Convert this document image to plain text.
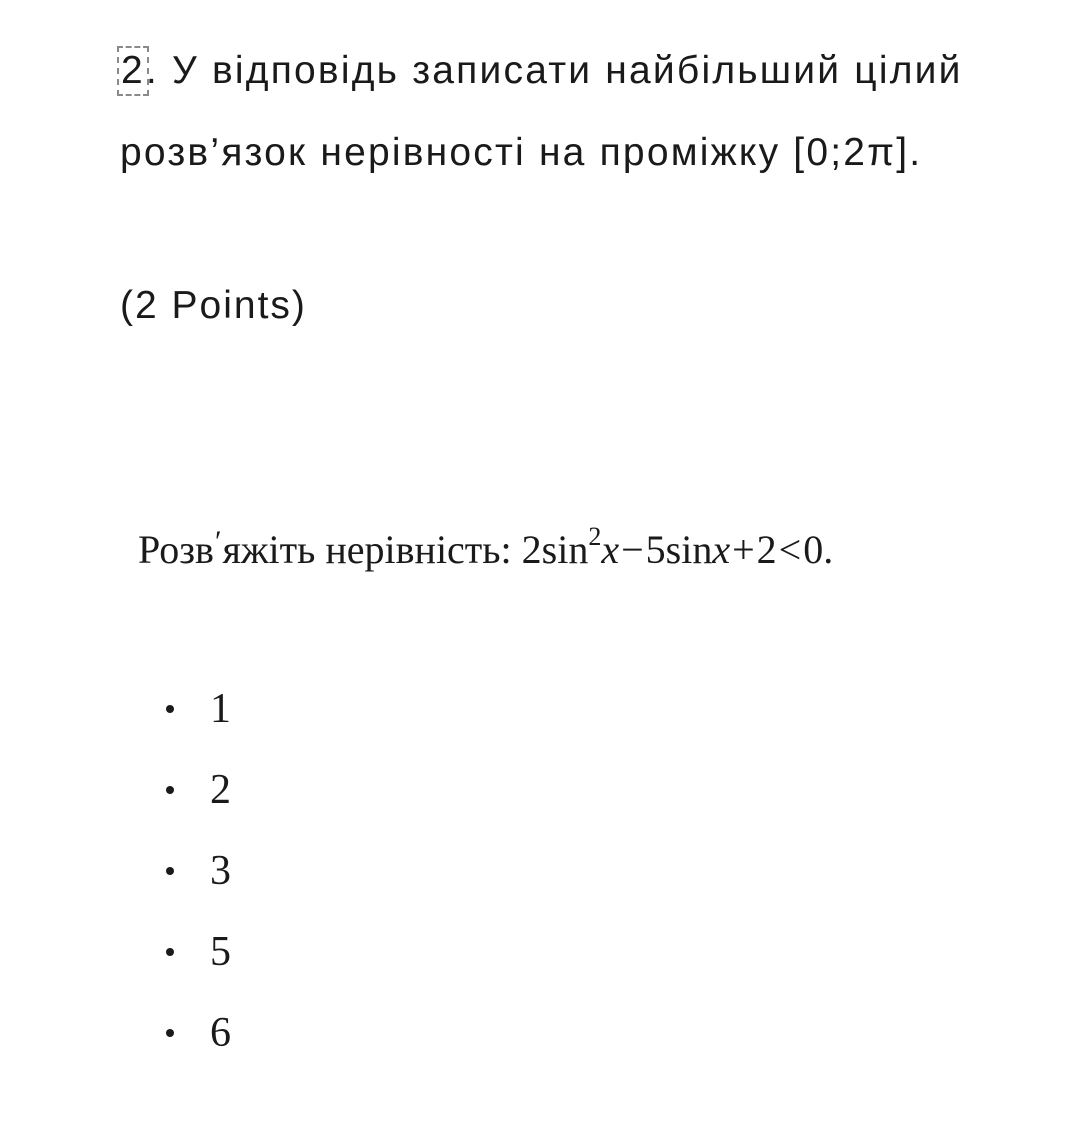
2. У відповідь записати найбільший цілий розв’язок нерівності на проміжку [0;2π].
(2 Points)
Розв′яжіть нерівність: $2\sin^2x-5\sin x+2<0$.
1
2
3
5
6
